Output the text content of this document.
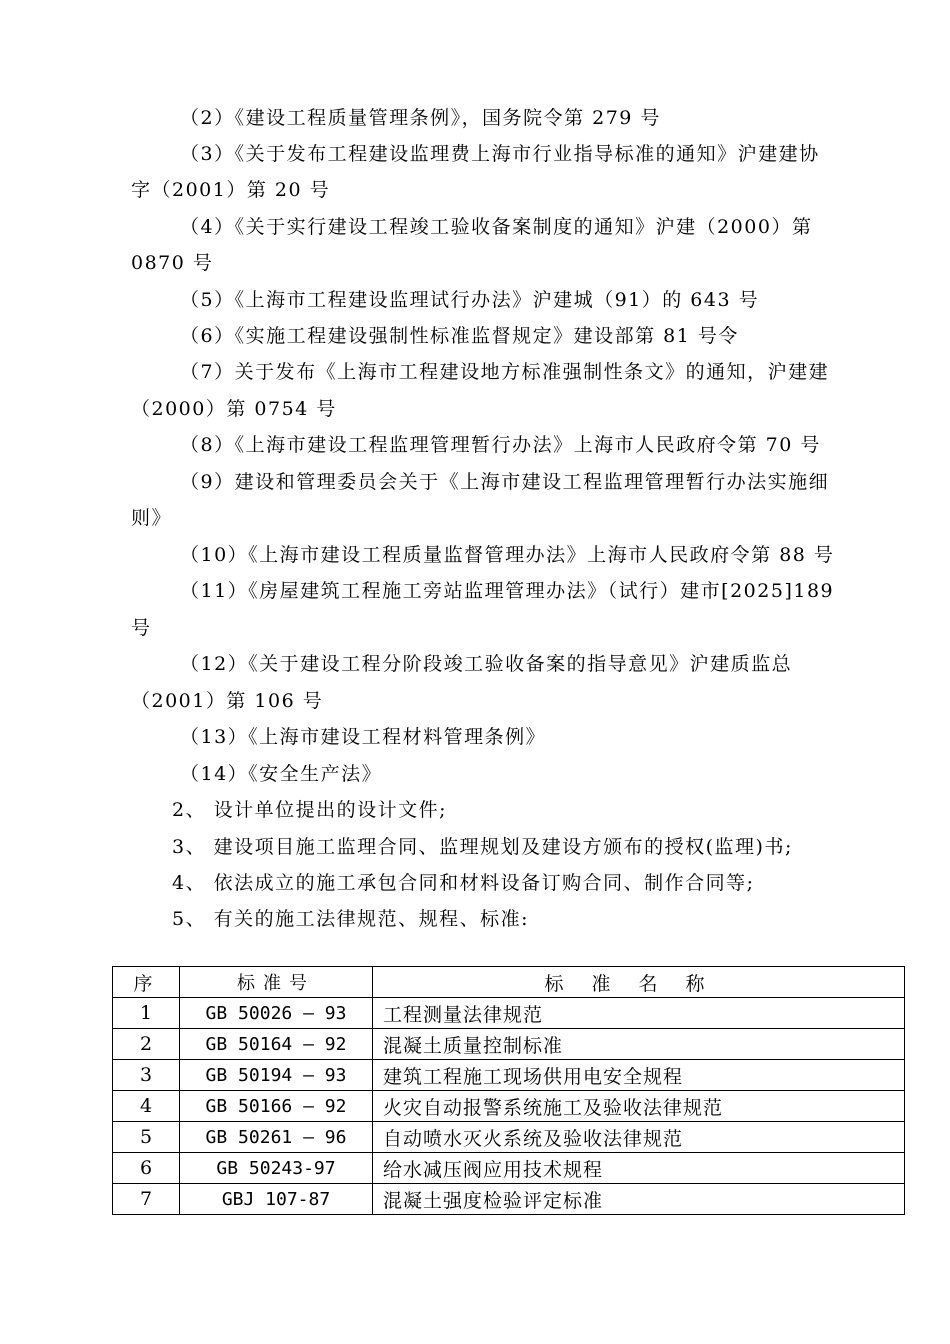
（2）《建设工程质量管理条例》，国务院令第 279 号
（3）《关于发布工程建设监理费上海市行业指导标准的通知》沪建建协
字（2001）第 20 号
（4）《关于实行建设工程竣工验收备案制度的通知》沪建（2000）第
0870 号
（5）《上海市工程建设监理试行办法》沪建城（91）的 643 号
（6）《实施工程建设强制性标准监督规定》建设部第 81 号令
（7）关于发布《上海市工程建设地方标准强制性条文》的通知，沪建建
（2000）第 0754 号
（8）《上海市建设工程监理管理暂行办法》上海市人民政府令第 70 号
（9）建设和管理委员会关于《上海市建设工程监理管理暂行办法实施细
则》
（10）《上海市建设工程质量监督管理办法》上海市人民政府令第 88 号
（11）《房屋建筑工程施工旁站监理管理办法》（试行）建市[2025]189
号
（12）《关于建设工程分阶段竣工验收备案的指导意见》沪建质监总
（2001）第 106 号
（13）《上海市建设工程材料管理条例》
（14）《安全生产法》
2、 设计单位提出的设计文件;
3、 建设项目施工监理合同、监理规划及建设方颁布的授权(监理)书;
4、 依法成立的施工承包合同和材料设备订购合同、制作合同等;
5、 有关的施工法律规范、规程、标准:
序	标准号	标准名称
1	GB 50026 – 93	工程测量法律规范
2	GB 50164 – 92	混凝土质量控制标准
3	GB 50194 – 93	建筑工程施工现场供用电安全规程
4	GB 50166 – 92	火灾自动报警系统施工及验收法律规范
5	GB 50261 – 96	自动喷水灭火系统及验收法律规范
6	GB 50243-97	给水减压阀应用技术规程
7	GBJ 107-87	混凝土强度检验评定标准
